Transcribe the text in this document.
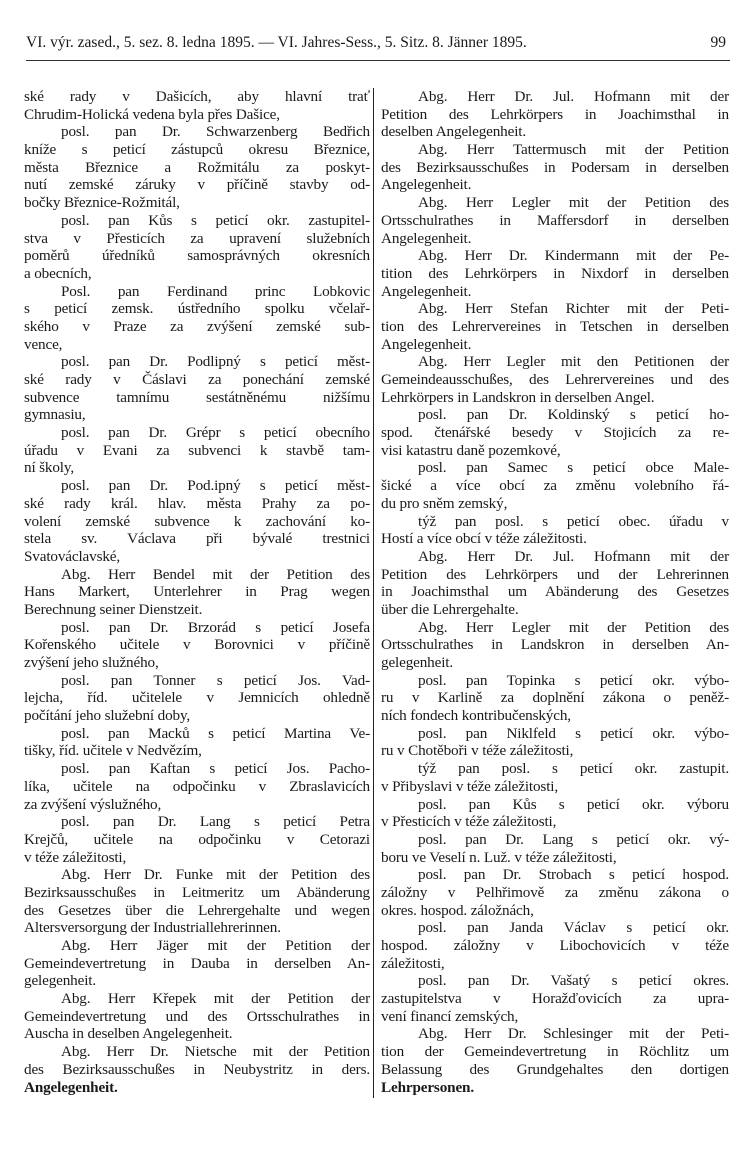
VI. výr. zased., 5. sez. 8. ledna 1895. — VI. Jahres-Sess., 5. Sitz. 8. Jänner 1895.	99
ské rady v Dašicích, aby hlavní trať
Chrudim-Holická vedena byla přes Dašice,
posl. pan Dr. Schwarzenberg Bedřich
kníže s peticí zástupců okresu Březnice,
města Březnice a Rožmitálu za poskyt-
nutí zemské záruky v příčině stavby od-
bočky Březnice-Rožmitál,
posl. pan Kůs s peticí okr. zastupitel-
stva v Přesticích za upravení služebních
poměrů úředníků samosprávných okresních
a obecních,
Posl. pan Ferdinand princ Lobkovic
s peticí zemsk. ústředního spolku včelař-
ského v Praze za zvýšení zemské sub-
vence,
posl. pan Dr. Podlipný s peticí měst-
ské rady v Čáslavi za ponechání zemské
subvence tamnímu sestátněnému nižšímu
gymnasiu,
posl. pan Dr. Grépr s peticí obecního
úřadu v Evani za subvenci k stavbě tam-
ní školy,
posl. pan Dr. Pod.ipný s peticí měst-
ské rady král. hlav. města Prahy za po-
volení zemské subvence k zachování ko-
stela sv. Václava při bývalé trestnici
Svatováclavské,
Abg. Herr Bendel mit der Petition des
Hans Markert, Unterlehrer in Prag wegen
Berechnung seiner Dienstzeit.
posl. pan Dr. Brzorád s peticí Josefa
Kořenského učitele v Borovnici v příčině
zvýšení jeho služného,
posl. pan Tonner s peticí Jos. Vad-
lejcha, říd. učitelele v Jemnicích ohledně
počítání jeho služební doby,
posl. pan Macků s peticí Martina Ve-
tišky, říd. učitele v Nedvězím,
posl. pan Kaftan s peticí Jos. Pacho-
líka, učitele na odpočinku v Zbraslavicích
za zvýšení výslužného,
posl. pan Dr. Lang s peticí Petra
Krejčů, učitele na odpočinku v Cetorazi
v téže záležitosti,
Abg. Herr Dr. Funke mit der Petition des
Bezirksausschußes in Leitmeritz um Abänderung
des Gesetzes über die Lehrergehalte und wegen
Altersversorgung der Industriallehrerinnen.
Abg. Herr Jäger mit der Petition der
Gemeindevertretung in Dauba in derselben An-
gelegenheit.
Abg. Herr Křepek mit der Petition der
Gemeindevertretung und des Ortsschulrathes in
Auscha in deselben Angelegenheit.
Abg. Herr Dr. Nietsche mit der Petition
des Bezirksausschußes in Neubystritz in ders.
Angelegenheit.
Abg. Herr Dr. Jul. Hofmann mit der
Petition des Lehrkörpers in Joachimsthal in
deselben Angelegenheit.
Abg. Herr Tattermusch mit der Petition
des Bezirksausschußes in Podersam in derselben
Angelegenheit.
Abg. Herr Legler mit der Petition des
Ortsschulrathes in Maffersdorf in derselben
Angelegenheit.
Abg. Herr Dr. Kindermann mit der Pe-
tition des Lehrkörpers in Nixdorf in derselben
Angelegenheit.
Abg. Herr Stefan Richter mit der Peti-
tion des Lehrervereines in Tetschen in derselben
Angelegenheit.
Abg. Herr Legler mit den Petitionen der
Gemeindeausschußes, des Lehrervereines und des
Lehrkörpers in Landskron in derselben Angel.
posl. pan Dr. Koldinský s peticí ho-
spod. čtenářské besedy v Stojicích za re-
visi katastru daně pozemkové,
posl. pan Samec s peticí obce Male-
šické a více obcí za změnu volebního řá-
du pro sněm zemský,
týž pan posl. s peticí obec. úřadu v
Hostí a více obcí v téže záležitosti.
Abg. Herr Dr. Jul. Hofmann mit der
Petition des Lehrkörpers und der Lehrerinnen
in Joachimsthal um Abänderung des Gesetzes
über die Lehrergehalte.
Abg. Herr Legler mit der Petition des
Ortsschulrathes in Landskron in derselben An-
gelegenheit.
posl. pan Topinka s peticí okr. výbo-
ru v Karlině za doplnění zákona o peněž-
ních fondech kontribučenských,
posl. pan Niklfeld s peticí okr. výbo-
ru v Chotěboři v téže záležitosti,
týž pan posl. s peticí okr. zastupit.
v Přibyslavi v téže záležitosti,
posl. pan Kůs s peticí okr. výboru
v Přesticích v téže záležitosti,
posl. pan Dr. Lang s peticí okr. vý-
boru ve Veselí n. Luž. v téže záležitosti,
posl. pan Dr. Strobach s peticí hospod.
záložny v Pelhřimově za změnu zákona o
okres. hospod. záložnách,
posl. pan Janda Václav s peticí okr.
hospod. záložny v Libochovicích v téže
záležitosti,
posl. pan Dr. Vašatý s peticí okres.
zastupitelstva v Horažďovicích za upra-
vení financí zemských,
Abg. Herr Dr. Schlesinger mit der Peti-
tion der Gemeindevertretung in Röchlitz um
Belassung des Grundgehaltes den dortigen
Lehrpersonen.
